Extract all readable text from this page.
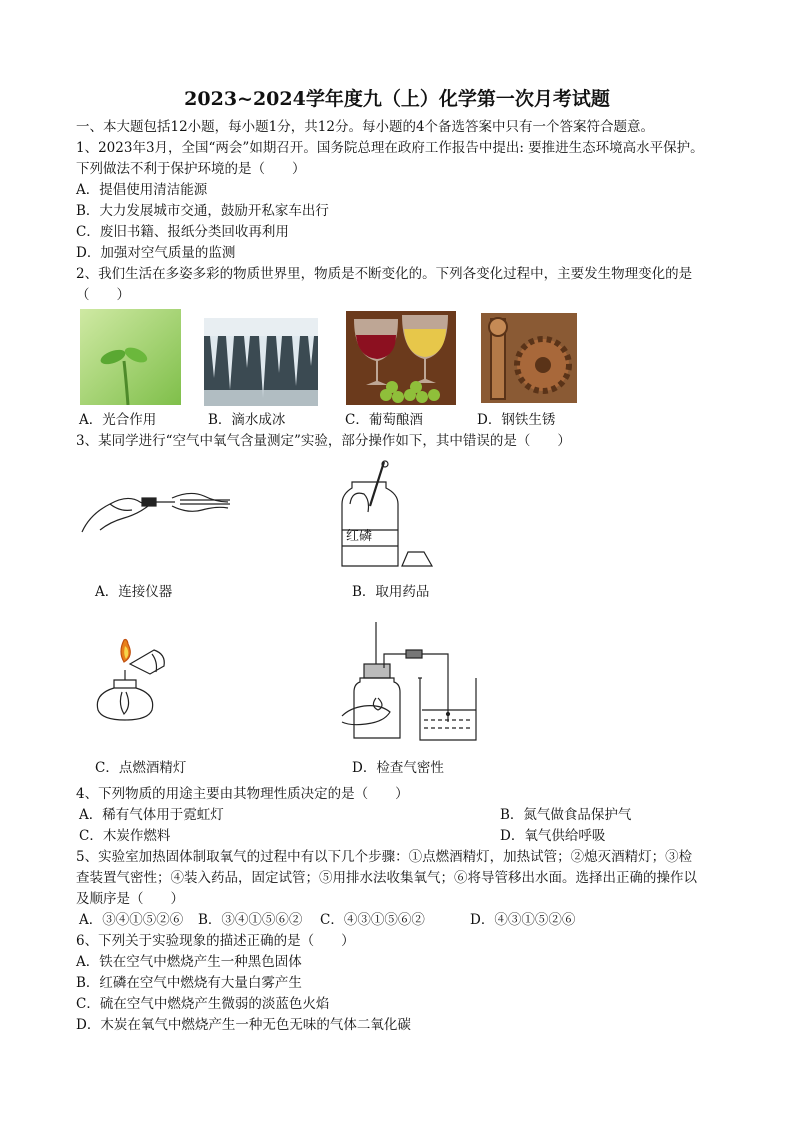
2023~2024学年度九（上）化学第一次月考试题
一、本大题包括12小题，每小题1分，共12分。每小题的4个备选答案中只有一个答案符合题意。
1、2023年3月，全国“两会”如期召开。国务院总理在政府工作报告中提出: 要推进生态环境高水平保护。
下列做法不利于保护环境的是（　　）
A．提倡使用清洁能源
B．大力发展城市交通，鼓励开私家车出行
C．废旧书籍、报纸分类回收再利用
D．加强对空气质量的监测
2、我们生活在多姿多彩的物质世界里，物质是不断变化的。下列各变化过程中，主要发生物理变化的是
（　　）
A．光合作用	B．滴水成冰	C．葡萄酿酒	D．钢铁生锈
3、某同学进行“空气中氧气含量测定”实验，部分操作如下，其中错误的是（　　）
红磷
A．连接仪器	B．取用药品
C．点燃酒精灯	D．检查气密性
4、下列物质的用途主要由其物理性质决定的是（　　）
A．稀有气体用于霓虹灯	B．氮气做食品保护气
C．木炭作燃料	D．氧气供给呼吸
5、实验室加热固体制取氧气的过程中有以下几个步骤：①点燃酒精灯，加热试管；②熄灭酒精灯；③检
查装置气密性；④装入药品，固定试管；⑤用排水法收集氧气；⑥将导管移出水面。选择出正确的操作以
及顺序是（　　）
A．③④①⑤②⑥ B．③④①⑤⑥② C．④③①⑤⑥②	D．④③①⑤②⑥
6、下列关于实验现象的描述正确的是（　　）
A．铁在空气中燃烧产生一种黑色固体
B．红磷在空气中燃烧有大量白雾产生
C．硫在空气中燃烧产生微弱的淡蓝色火焰
D．木炭在氧气中燃烧产生一种无色无味的气体二氧化碳
